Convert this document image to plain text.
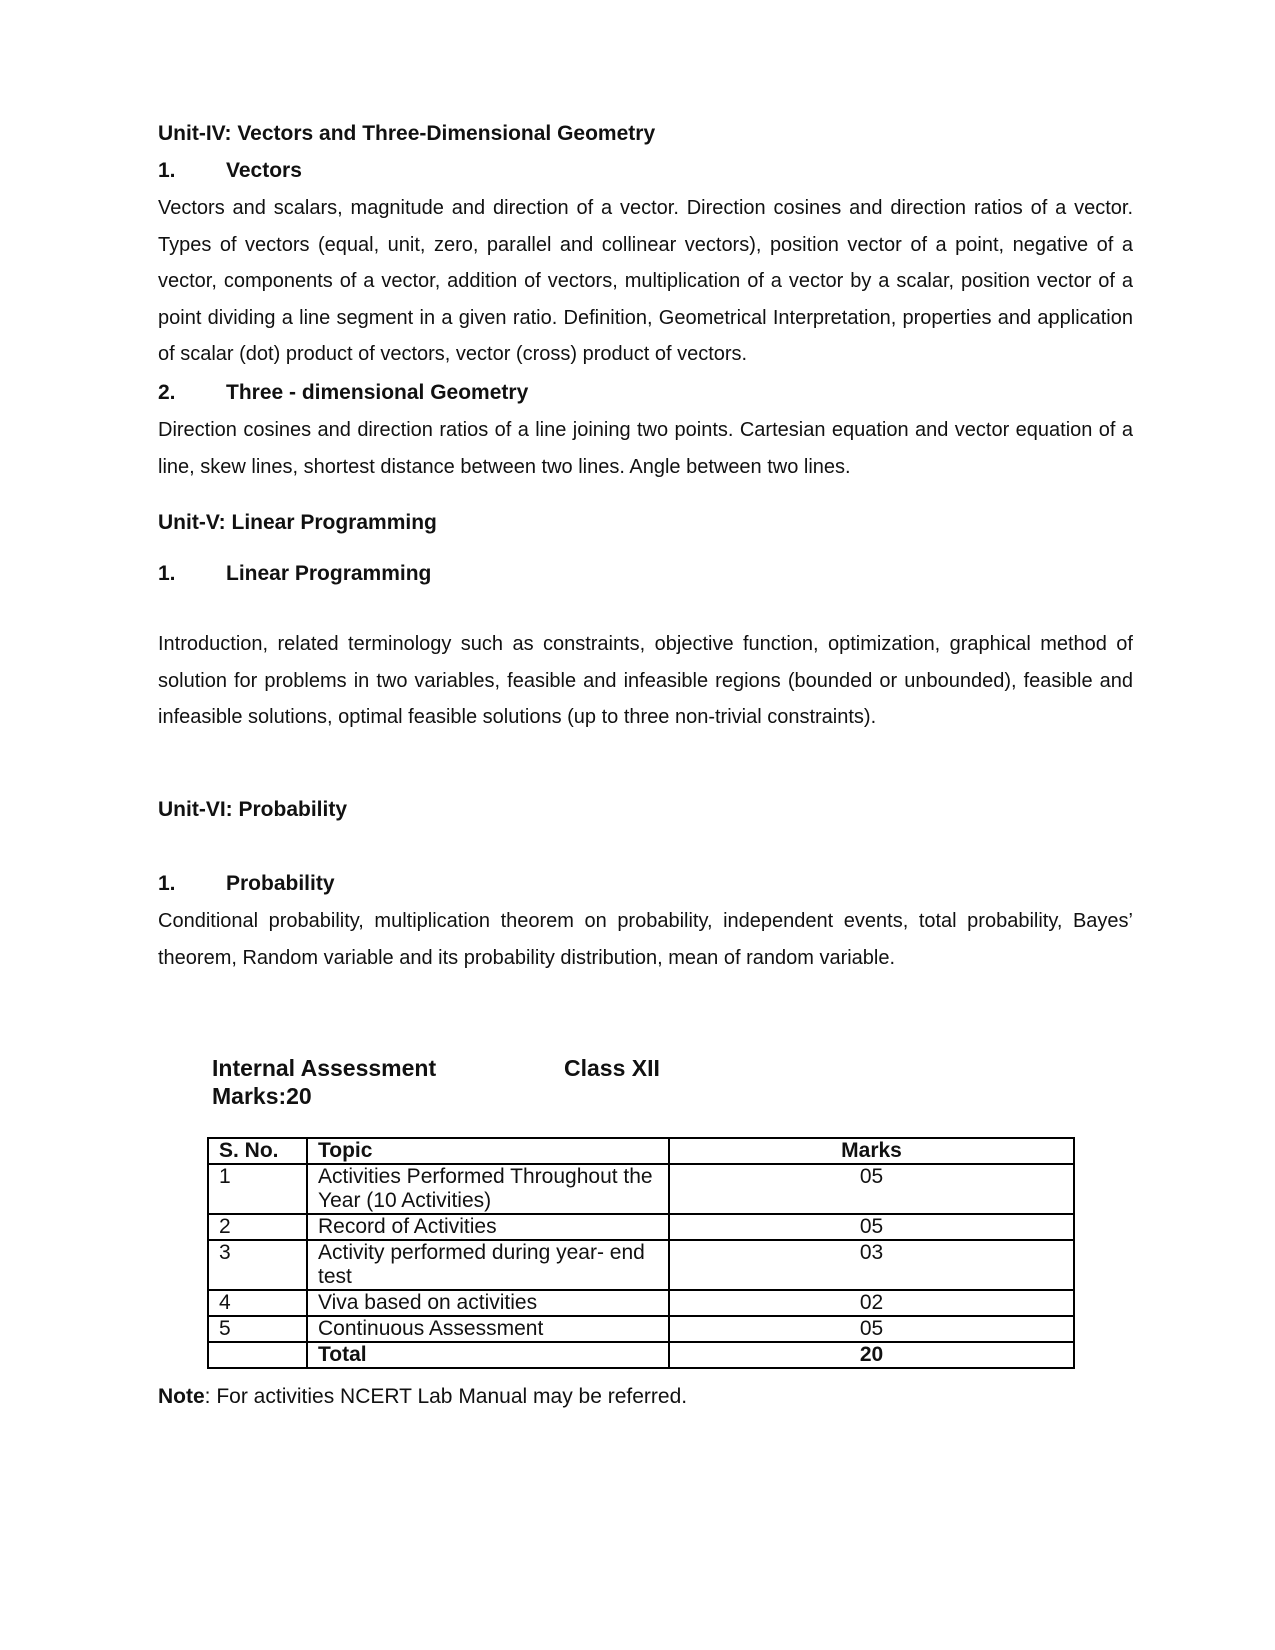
Unit-IV: Vectors and Three-Dimensional Geometry
1. Vectors
Vectors and scalars, magnitude and direction of a vector. Direction cosines and direction ratios of a vector. Types of vectors (equal, unit, zero, parallel and collinear vectors), position vector of a point, negative of a vector, components of a vector, addition of vectors, multiplication of a vector by a scalar, position vector of a point dividing a line segment in a given ratio. Definition, Geometrical Interpretation, properties and application of scalar (dot) product of vectors, vector (cross) product of vectors.
2. Three - dimensional Geometry
Direction cosines and direction ratios of a line joining two points. Cartesian equation and vector equation of a line, skew lines, shortest distance between two lines. Angle between two lines.
Unit-V: Linear Programming
1. Linear Programming
Introduction, related terminology such as constraints, objective function, optimization, graphical method of solution for problems in two variables, feasible and infeasible regions (bounded or unbounded), feasible and infeasible solutions, optimal feasible solutions (up to three non-trivial constraints).
Unit-VI: Probability
1. Probability
Conditional probability, multiplication theorem on probability, independent events, total probability, Bayes’ theorem, Random variable and its probability distribution, mean of random variable.
Internal Assessment	Class XII
Marks:20
S. No.	Topic	Marks
1	Activities Performed Throughout the Year (10 Activities)	05
2	Record of Activities	05
3	Activity performed during year- end test	03
4	Viva based on activities	02
5	Continuous Assessment	05
	Total	20
Note: For activities NCERT Lab Manual may be referred.
